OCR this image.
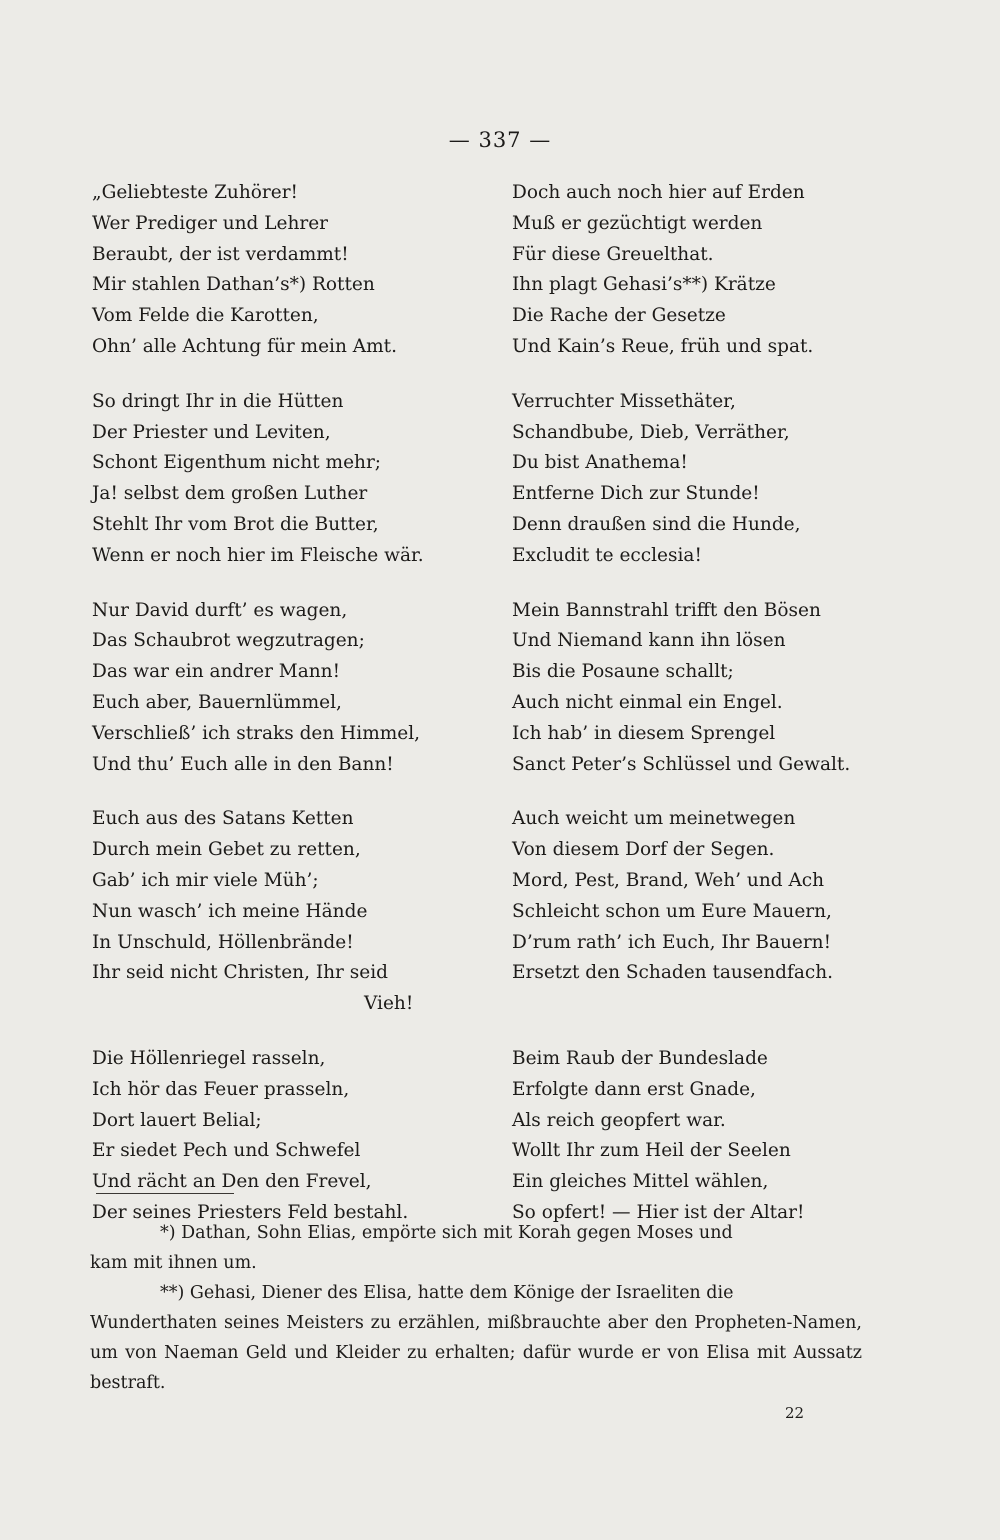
— 337 —
„Geliebteste Zuhörer!
Wer Prediger und Lehrer
Beraubt, der ist verdammt!
Mir stahlen Dathan’s*) Rotten
Vom Felde die Karotten,
Ohn’ alle Achtung für mein Amt.
So dringt Ihr in die Hütten
Der Priester und Leviten,
Schont Eigenthum nicht mehr;
Ja! selbst dem großen Luther
Stehlt Ihr vom Brot die Butter,
Wenn er noch hier im Fleische wär.
Nur David durft’ es wagen,
Das Schaubrot wegzutragen;
Das war ein andrer Mann!
Euch aber, Bauernlümmel,
Verschließ’ ich straks den Himmel,
Und thu’ Euch alle in den Bann!
Euch aus des Satans Ketten
Durch mein Gebet zu retten,
Gab’ ich mir viele Müh’;
Nun wasch’ ich meine Hände
In Unschuld, Höllenbrände!
Ihr seid nicht Christen, Ihr seid
Vieh!
Die Höllenriegel rasseln,
Ich hör das Feuer prasseln,
Dort lauert Belial;
Er siedet Pech und Schwefel
Und rächt an Den den Frevel,
Der seines Priesters Feld bestahl.
Doch auch noch hier auf Erden
Muß er gezüchtigt werden
Für diese Greuelthat.
Ihn plagt Gehasi’s**) Krätze
Die Rache der Gesetze
Und Kain’s Reue, früh und spat.
Verruchter Missethäter,
Schandbube, Dieb, Verräther,
Du bist Anathema!
Entferne Dich zur Stunde!
Denn draußen sind die Hunde,
Excludit te ecclesia!
Mein Bannstrahl trifft den Bösen
Und Niemand kann ihn lösen
Bis die Posaune schallt;
Auch nicht einmal ein Engel.
Ich hab’ in diesem Sprengel
Sanct Peter’s Schlüssel und Gewalt.
Auch weicht um meinetwegen
Von diesem Dorf der Segen.
Mord, Pest, Brand, Weh’ und Ach
Schleicht schon um Eure Mauern,
D’rum rath’ ich Euch, Ihr Bauern!
Ersetzt den Schaden tausendfach.
Beim Raub der Bundeslade
Erfolgte dann erst Gnade,
Als reich geopfert war.
Wollt Ihr zum Heil der Seelen
Ein gleiches Mittel wählen,
So opfert! — Hier ist der Altar!
*) Dathan, Sohn Elias, empörte sich mit Korah gegen Moses und
kam mit ihnen um.
**) Gehasi, Diener des Elisa, hatte dem Könige der Israeliten die
Wunderthaten seines Meisters zu erzählen, mißbrauchte aber den Propheten-Namen, um von Naeman Geld und Kleider zu erhalten; dafür wurde er von Elisa mit Aussatz bestraft.
22
